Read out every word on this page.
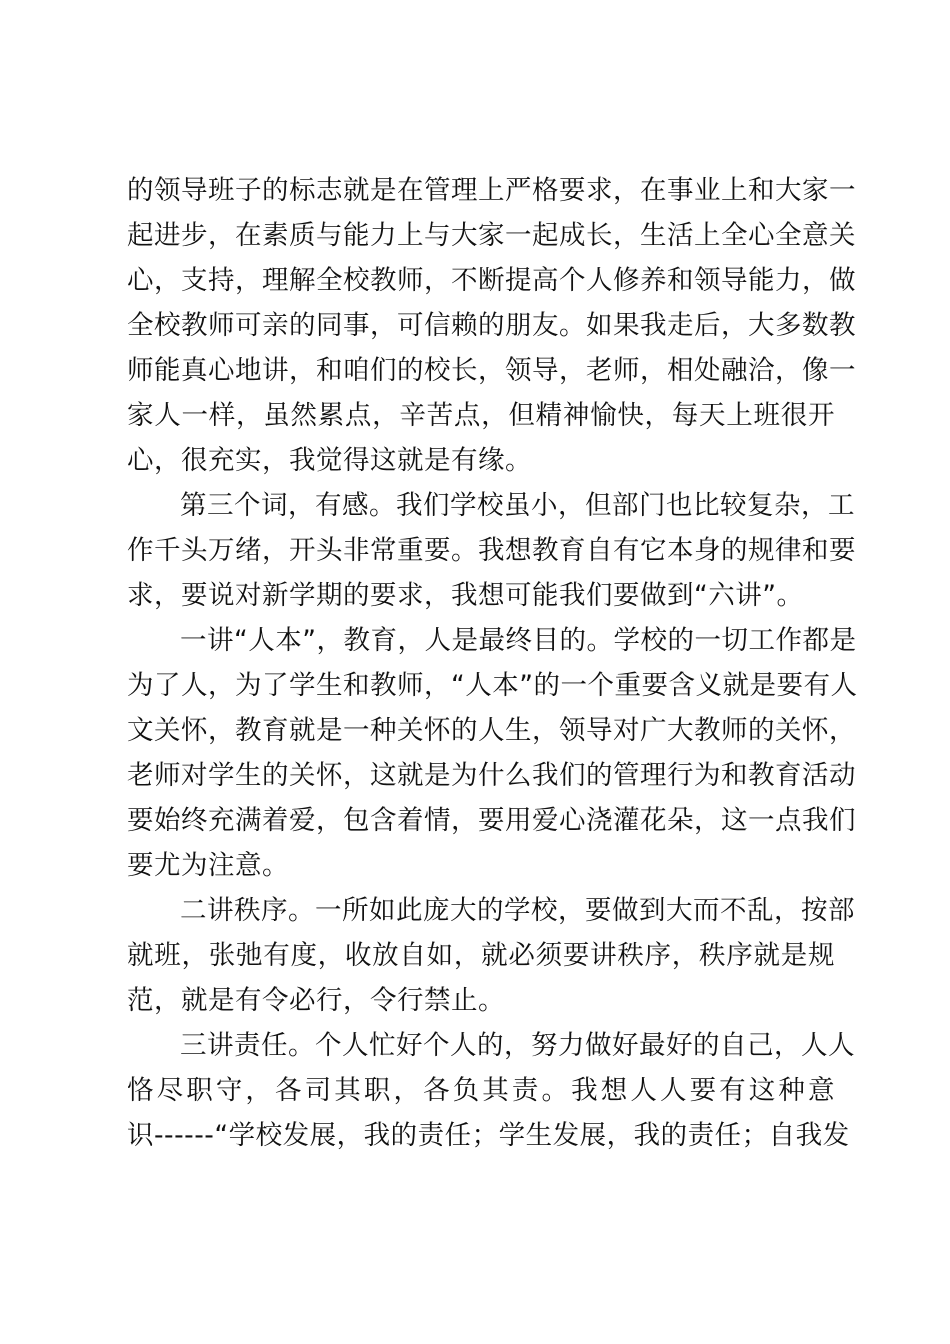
的领导班子的标志就是在管理上严格要求，在事业上和大家一
起进步，在素质与能力上与大家一起成长，生活上全心全意关
心，支持，理解全校教师，不断提高个人修养和领导能力，做
全校教师可亲的同事，可信赖的朋友。如果我走后，大多数教
师能真心地讲，和咱们的校长，领导，老师，相处融洽，像一
家人一样，虽然累点，辛苦点，但精神愉快，每天上班很开
心，很充实，我觉得这就是有缘。

第三个词，有感。我们学校虽小，但部门也比较复杂，工
作千头万绪，开头非常重要。我想教育自有它本身的规律和要
求，要说对新学期的要求，我想可能我们要做到“六讲”。

一讲“人本”，教育，人是最终目的。学校的一切工作都是
为了人，为了学生和教师，“人本”的一个重要含义就是要有人
文关怀，教育就是一种关怀的人生，领导对广大教师的关怀，
老师对学生的关怀，这就是为什么我们的管理行为和教育活动
要始终充满着爱，包含着情，要用爱心浇灌花朵，这一点我们
要尤为注意。

二讲秩序。一所如此庞大的学校，要做到大而不乱，按部
就班，张弛有度，收放自如，就必须要讲秩序，秩序就是规
范，就是有令必行，令行禁止。

三讲责任。个人忙好个人的，努力做好最好的自己，人人
恪尽职守，各司其职，各负其责。我想人人要有这种意
识------“学校发展，我的责任；学生发展，我的责任；自我发
